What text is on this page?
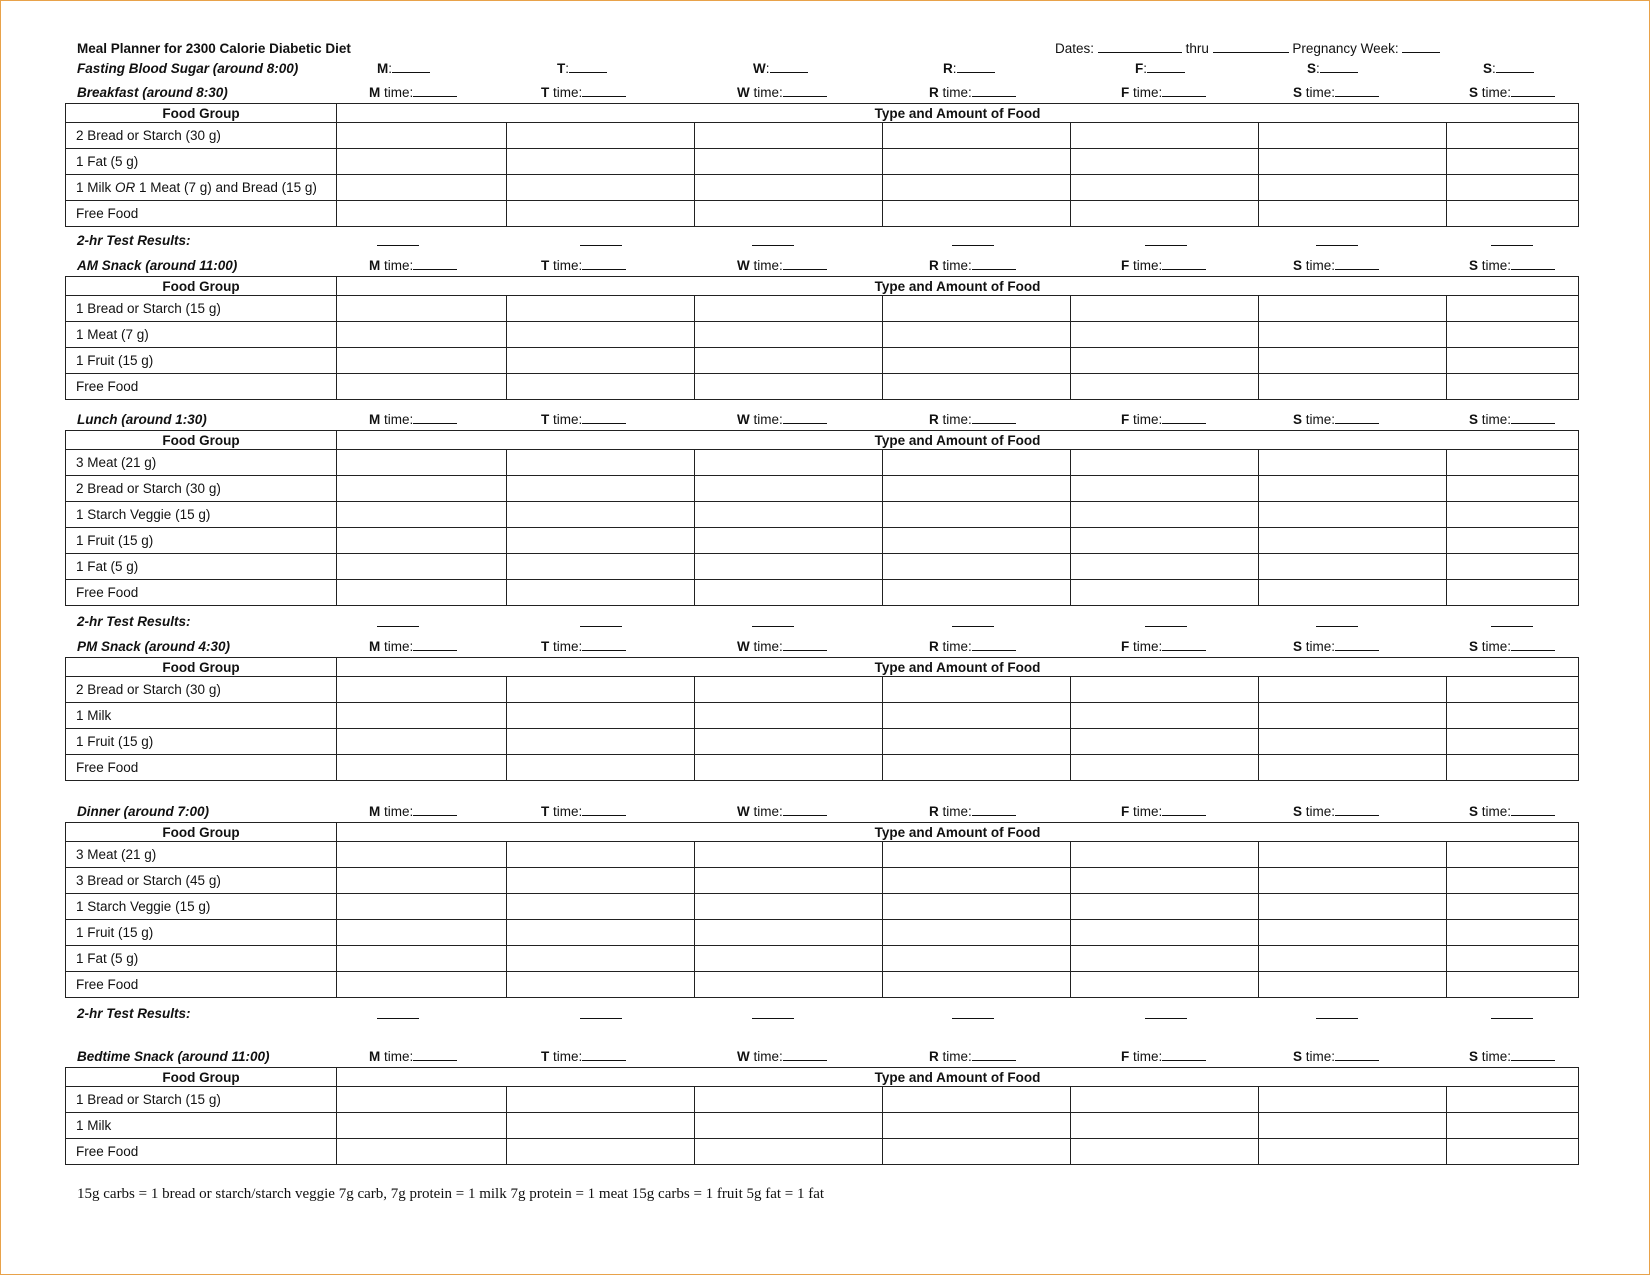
Meal Planner for 2300 Calorie Diabetic Diet
Fasting Blood Sugar (around 8:00)
Dates:	thru	Pregnancy Week:
M:	T:	W:	R:	F:	S:	S:
15g carbs = 1 bread or starch/starch veggie 7g carb, 7g protein = 1 milk 7g protein = 1 meat 15g carbs = 1 fruit 5g fat = 1 fat
Breakfast (around 8:30)	M time:	T time:	W time:	R time:	F time:	S time:	S time:
Food Group	Type and Amount of Food						
2 Bread or Starch (30 g)							
1 Fat (5 g)							
1 Milk OR 1 Meat (7 g) and Bread (15 g)							
Free Food							
2-hr Test Results:
AM Snack (around 11:00)	M time:	T time:	W time:	R time:	F time:	S time:	S time:
Food Group	Type and Amount of Food						
1 Bread or Starch (15 g)							
1 Meat (7 g)							
1 Fruit (15 g)							
Free Food							
Lunch (around 1:30)	M time:	T time:	W time:	R time:	F time:	S time:	S time:
Food Group	Type and Amount of Food						
3 Meat (21 g)							
2 Bread or Starch (30 g)							
1 Starch Veggie (15 g)							
1 Fruit (15 g)							
1 Fat (5 g)							
Free Food							
2-hr Test Results:
PM Snack (around 4:30)	M time:	T time:	W time:	R time:	F time:	S time:	S time:
Food Group	Type and Amount of Food						
2 Bread or Starch (30 g)							
1 Milk							
1 Fruit (15 g)							
Free Food							
Dinner (around 7:00)	M time:	T time:	W time:	R time:	F time:	S time:	S time:
Food Group	Type and Amount of Food						
3 Meat (21 g)							
3 Bread or Starch (45 g)							
1 Starch Veggie (15 g)							
1 Fruit (15 g)							
1 Fat (5 g)							
Free Food							
2-hr Test Results:
Bedtime Snack (around 11:00)	M time:	T time:	W time:	R time:	F time:	S time:	S time:
Food Group	Type and Amount of Food						
1 Bread or Starch (15 g)							
1 Milk							
Free Food							
